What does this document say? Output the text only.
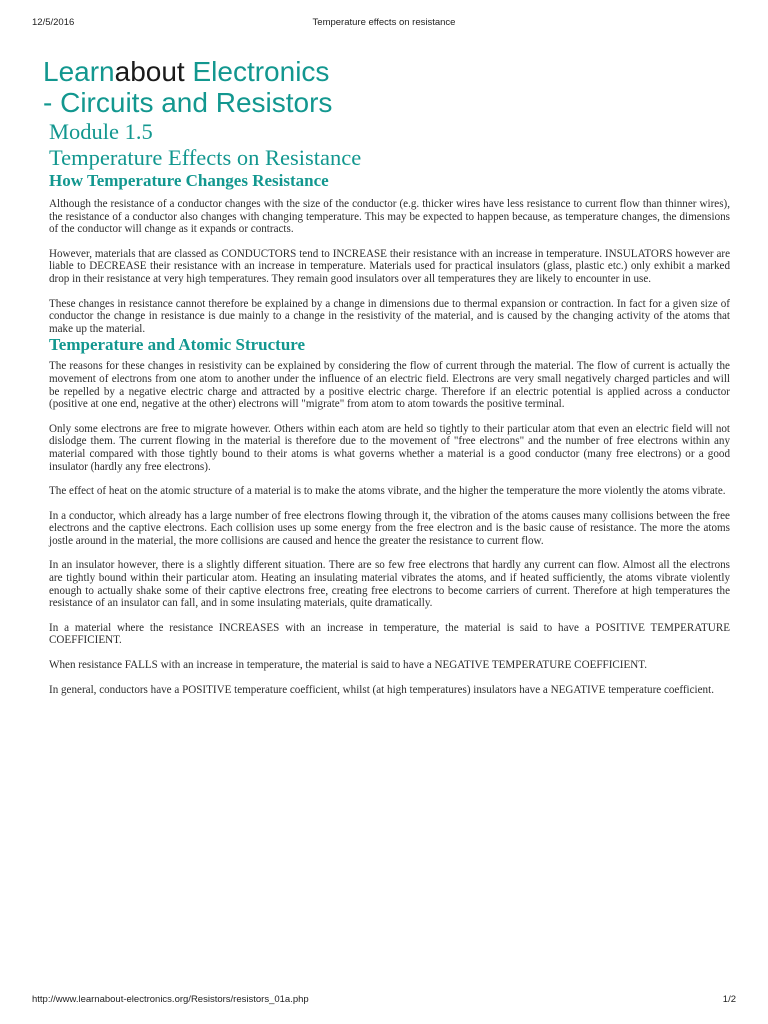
12/5/2016	Temperature effects on resistance
Learnabout Electronics
- Circuits and Resistors
Module 1.5
Temperature Effects on Resistance
How Temperature Changes Resistance

Although the resistance of a conductor changes with the size of the conductor (e.g. thicker wires have less resistance to current flow than thinner wires), the resistance of a conductor also changes with changing temperature. This may be expected to happen because, as temperature changes, the dimensions of the conductor will change as it expands or contracts.

However, materials that are classed as CONDUCTORS tend to INCREASE their resistance with an increase in temperature. INSULATORS however are liable to DECREASE their resistance with an increase in temperature. Materials used for practical insulators (glass, plastic etc.) only exhibit a marked drop in their resistance at very high temperatures. They remain good insulators over all temperatures they are likely to encounter in use.

These changes in resistance cannot therefore be explained by a change in dimensions due to thermal expansion or contraction. In fact for a given size of conductor the change in resistance is due mainly to a change in the resistivity of the material, and is caused by the changing activity of the atoms that make up the material.

Temperature and Atomic Structure

The reasons for these changes in resistivity can be explained by considering the flow of current through the material. The flow of current is actually the movement of electrons from one atom to another under the influence of an electric field. Electrons are very small negatively charged particles and will be repelled by a negative electric charge and attracted by a positive electric charge. Therefore if an electric potential is applied across a conductor (positive at one end, negative at the other) electrons will "migrate" from atom to atom towards the positive terminal.

Only some electrons are free to migrate however. Others within each atom are held so tightly to their particular atom that even an electric field will not dislodge them. The current flowing in the material is therefore due to the movement of "free electrons" and the number of free electrons within any material compared with those tightly bound to their atoms is what governs whether a material is a good conductor (many free electrons) or a good insulator (hardly any free electrons).

The effect of heat on the atomic structure of a material is to make the atoms vibrate, and the higher the temperature the more violently the atoms vibrate.

In a conductor, which already has a large number of free electrons flowing through it, the vibration of the atoms causes many collisions between the free electrons and the captive electrons. Each collision uses up some energy from the free electron and is the basic cause of resistance. The more the atoms jostle around in the material, the more collisions are caused and hence the greater the resistance to current flow.

In an insulator however, there is a slightly different situation. There are so few free electrons that hardly any current can flow. Almost all the electrons are tightly bound within their particular atom. Heating an insulating material vibrates the atoms, and if heated sufficiently, the atoms vibrate violently enough to actually shake some of their captive electrons free, creating free electrons to become carriers of current. Therefore at high temperatures the resistance of an insulator can fall, and in some insulating materials, quite dramatically.

In a material where the resistance INCREASES with an increase in temperature, the material is said to have a POSITIVE TEMPERATURE COEFFICIENT.

When resistance FALLS with an increase in temperature, the material is said to have a NEGATIVE TEMPERATURE COEFFICIENT.

In general, conductors have a POSITIVE temperature coefficient, whilst (at high temperatures) insulators have a NEGATIVE temperature coefficient.

http://www.learnabout-electronics.org/Resistors/resistors_01a.php	1/2
